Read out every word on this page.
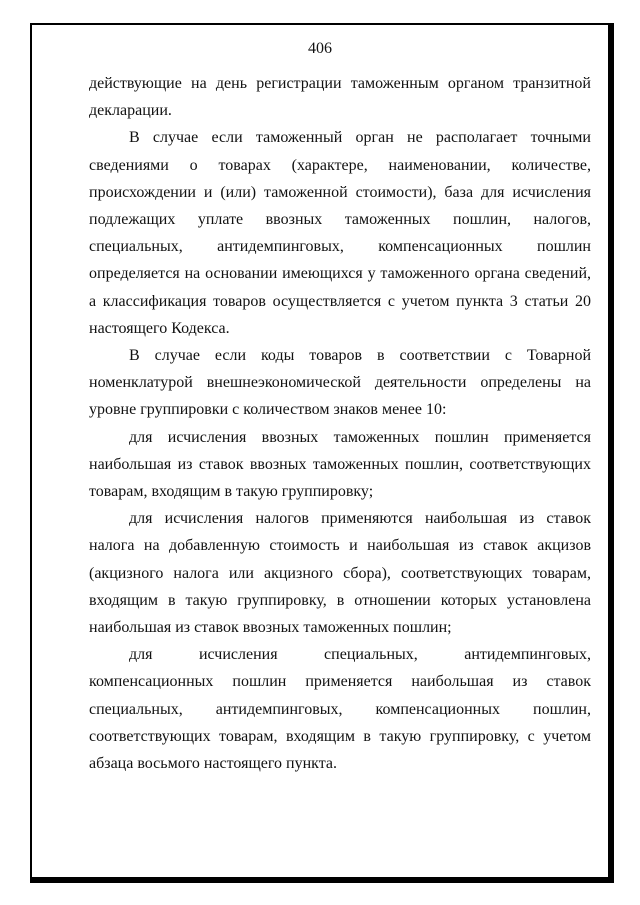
406

действующие на день регистрации таможенным органом транзитной декларации.

В случае если таможенный орган не располагает точными сведениями о товарах (характере, наименовании, количестве, происхождении и (или) таможенной стоимости), база для исчисления подлежащих уплате ввозных таможенных пошлин, налогов, специальных, антидемпинговых, компенсационных пошлин определяется на основании имеющихся у таможенного органа сведений, а классификация товаров осуществляется с учетом пункта 3 статьи 20 настоящего Кодекса.

В случае если коды товаров в соответствии с Товарной номенклатурой внешнеэкономической деятельности определены на уровне группировки с количеством знаков менее 10:

для исчисления ввозных таможенных пошлин применяется наибольшая из ставок ввозных таможенных пошлин, соответствующих товарам, входящим в такую группировку;

для исчисления налогов применяются наибольшая из ставок налога на добавленную стоимость и наибольшая из ставок акцизов (акцизного налога или акцизного сбора), соответствующих товарам, входящим в такую группировку, в отношении которых установлена наибольшая из ставок ввозных таможенных пошлин;

для исчисления специальных, антидемпинговых, компенсационных пошлин применяется наибольшая из ставок специальных, антидемпинговых, компенсационных пошлин, соответствующих товарам, входящим в такую группировку, с учетом абзаца восьмого настоящего пункта.
